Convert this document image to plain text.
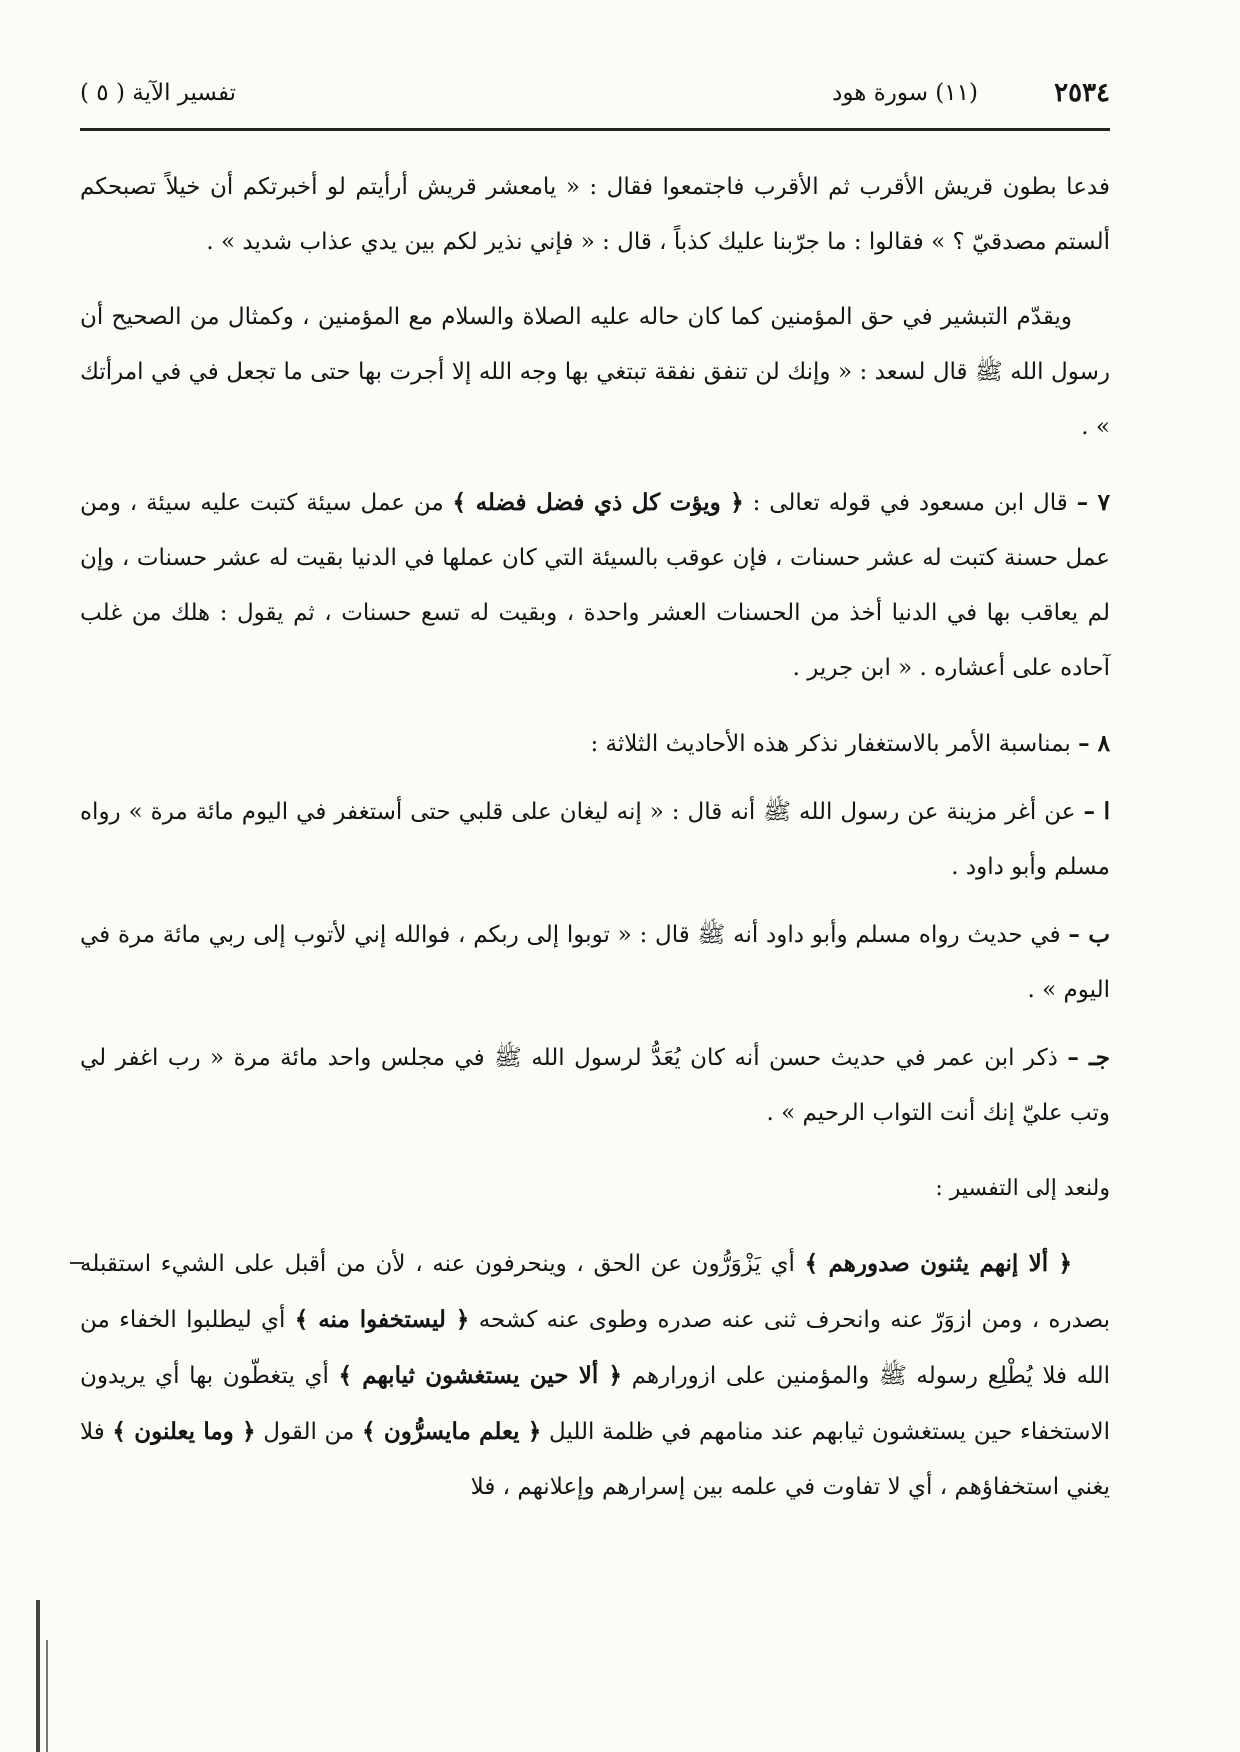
٢٥٣٤
(١١) سورة هود
تفسير الآية ( ٥ )

فدعا بطون قريش الأقرب ثم الأقرب فاجتمعوا فقال : « يامعشر قريش أرأيتم لو أخبرتكم أن خيلاً تصبحكم ألستم مصدقيّ ؟ » فقالوا : ما جرّبنا عليك كذباً ، قال : « فإني نذير لكم بين يدي عذاب شديد » .

ويقدّم التبشير في حق المؤمنين كما كان حاله عليه الصلاة والسلام مع المؤمنين ، وكمثال من الصحيح أن رسول الله ﷺ قال لسعد : « وإنك لن تنفق نفقة تبتغي بها وجه الله إلا أجرت بها حتى ما تجعل في في امرأتك » .

٧ – قال ابن مسعود في قوله تعالى : ﴿ ويؤت كل ذي فضل فضله ﴾ من عمل سيئة كتبت عليه سيئة ، ومن عمل حسنة كتبت له عشر حسنات ، فإن عوقب بالسيئة التي كان عملها في الدنيا بقيت له عشر حسنات ، وإن لم يعاقب بها في الدنيا أخذ من الحسنات العشر واحدة ، وبقيت له تسع حسنات ، ثم يقول : هلك من غلب آحاده على أعشاره . « ابن جرير .

٨ – بمناسبة الأمر بالاستغفار نذكر هذه الأحاديث الثلاثة :

ا – عن أغر مزينة عن رسول الله ﷺ أنه قال : « إنه ليغان على قلبي حتى أستغفر في اليوم مائة مرة » رواه مسلم وأبو داود .

ب – في حديث رواه مسلم وأبو داود أنه ﷺ قال : « توبوا إلى ربكم ، فوالله إني لأتوب إلى ربي مائة مرة في اليوم » .

جـ – ذكر ابن عمر في حديث حسن أنه كان يُعَدُّ لرسول الله ﷺ في مجلس واحد مائة مرة « رب اغفر لي وتب عليّ إنك أنت التواب الرحيم » .

ولنعد إلى التفسير :

﴿ ألا إنهم يثنون صدورهم ﴾ أي يَزْوَرُّون عن الحق ، وينحرفون عنه ، لأن من أقبل على الشيء استقبله بصدره ، ومن ازوَرّ عنه وانحرف ثنى عنه صدره وطوى عنه كشحه ﴿ ليستخفوا منه ﴾ أي ليطلبوا الخفاء من الله فلا يُطْلِع رسوله ﷺ والمؤمنين على ازورارهم ﴿ ألا حين يستغشون ثيابهم ﴾ أي يتغطّون بها أي يريدون الاستخفاء حين يستغشون ثيابهم عند منامهم في ظلمة الليل ﴿ يعلم مايسرُّون ﴾ من القول ﴿ وما يعلنون ﴾ فلا يغني استخفاؤهم ، أي لا تفاوت في علمه بين إسرارهم وإعلانهم ، فلا
